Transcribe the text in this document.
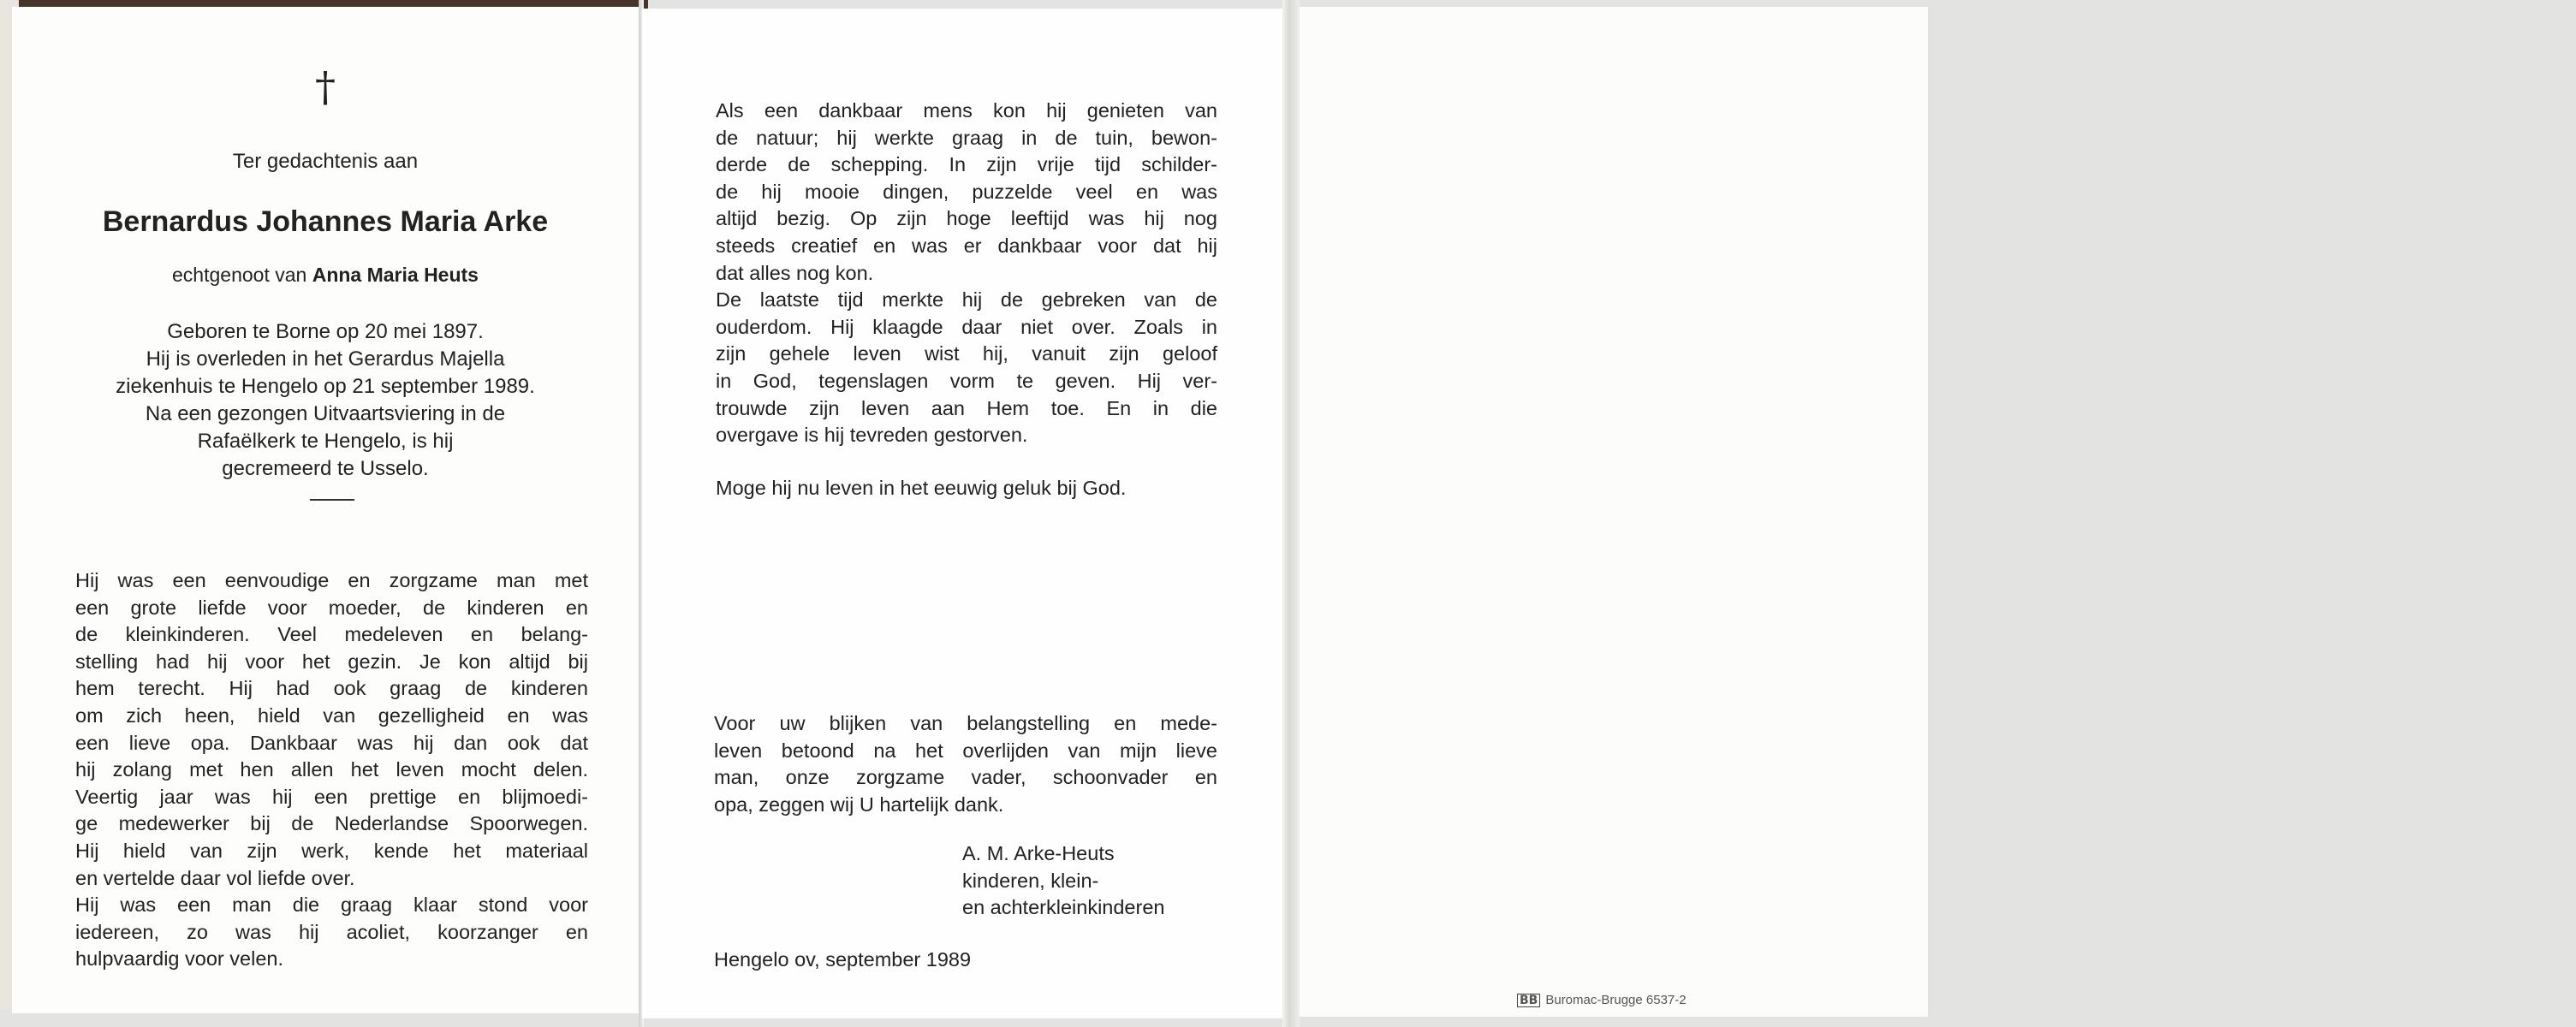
†
Ter gedachtenis aan
Bernardus Johannes Maria Arke
echtgenoot van Anna Maria Heuts
Geboren te Borne op 20 mei 1897.
Hij is overleden in het Gerardus Majella
ziekenhuis te Hengelo op 21 september 1989.
Na een gezongen Uitvaartsviering in de
Rafaëlkerk te Hengelo, is hij
gecremeerd te Usselo.
Hij was een eenvoudige en zorgzame man met
een grote liefde voor moeder, de kinderen en
de kleinkinderen. Veel medeleven en belang-
stelling had hij voor het gezin. Je kon altijd bij
hem terecht. Hij had ook graag de kinderen
om zich heen, hield van gezelligheid en was
een lieve opa. Dankbaar was hij dan ook dat
hij zolang met hen allen het leven mocht delen.
Veertig jaar was hij een prettige en blijmoedi-
ge medewerker bij de Nederlandse Spoorwegen.
Hij hield van zijn werk, kende het materiaal
en vertelde daar vol liefde over.
Hij was een man die graag klaar stond voor
iedereen, zo was hij acoliet, koorzanger en
hulpvaardig voor velen.
Als een dankbaar mens kon hij genieten van
de natuur; hij werkte graag in de tuin, bewon-
derde de schepping. In zijn vrije tijd schilder-
de hij mooie dingen, puzzelde veel en was
altijd bezig. Op zijn hoge leeftijd was hij nog
steeds creatief en was er dankbaar voor dat hij
dat alles nog kon.
De laatste tijd merkte hij de gebreken van de
ouderdom. Hij klaagde daar niet over. Zoals in
zijn gehele leven wist hij, vanuit zijn geloof
in God, tegenslagen vorm te geven. Hij ver-
trouwde zijn leven aan Hem toe. En in die
overgave is hij tevreden gestorven.
Moge hij nu leven in het eeuwig geluk bij God.
Voor uw blijken van belangstelling en mede-
leven betoond na het overlijden van mijn lieve
man, onze zorgzame vader, schoonvader en
opa, zeggen wij U hartelijk dank.
A. M. Arke-Heuts
kinderen, klein-
en achterkleinkinderen
Hengelo ov, september 1989
BB Buromac-Brugge 6537-2
